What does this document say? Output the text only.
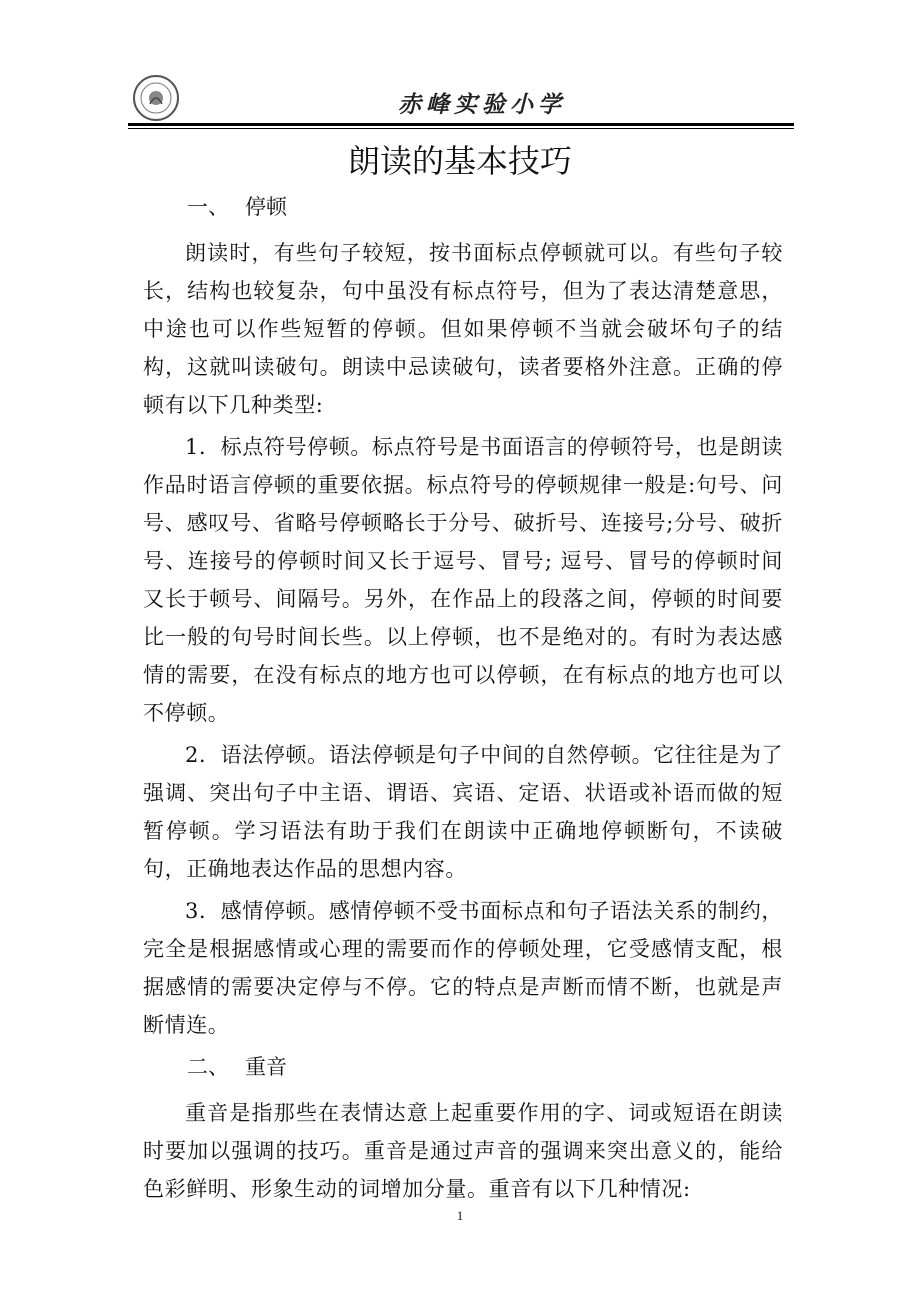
赤峰实验小学
朗读的基本技巧

一、 停顿

朗读时，有些句子较短，按书面标点停顿就可以。有些句子较长，结构也较复杂，句中虽没有标点符号，但为了表达清楚意思，中途也可以作些短暂的停顿。但如果停顿不当就会破坏句子的结构，这就叫读破句。朗读中忌读破句，读者要格外注意。正确的停顿有以下几种类型:

1．标点符号停顿。标点符号是书面语言的停顿符号，也是朗读作品时语言停顿的重要依据。标点符号的停顿规律一般是:句号、问号、感叹号、省略号停顿略长于分号、破折号、连接号;分号、破折号、连接号的停顿时间又长于逗号、冒号; 逗号、冒号的停顿时间又长于顿号、间隔号。另外，在作品上的段落之间，停顿的时间要比一般的句号时间长些。以上停顿，也不是绝对的。有时为表达感情的需要，在没有标点的地方也可以停顿，在有标点的地方也可以不停顿。

2．语法停顿。语法停顿是句子中间的自然停顿。它往往是为了强调、突出句子中主语、谓语、宾语、定语、状语或补语而做的短暂停顿。学习语法有助于我们在朗读中正确地停顿断句，不读破句，正确地表达作品的思想内容。

3．感情停顿。感情停顿不受书面标点和句子语法关系的制约，完全是根据感情或心理的需要而作的停顿处理，它受感情支配，根据感情的需要决定停与不停。它的特点是声断而情不断，也就是声断情连。

二、 重音

重音是指那些在表情达意上起重要作用的字、词或短语在朗读时要加以强调的技巧。重音是通过声音的强调来突出意义的，能给色彩鲜明、形象生动的词增加分量。重音有以下几种情况:

1
